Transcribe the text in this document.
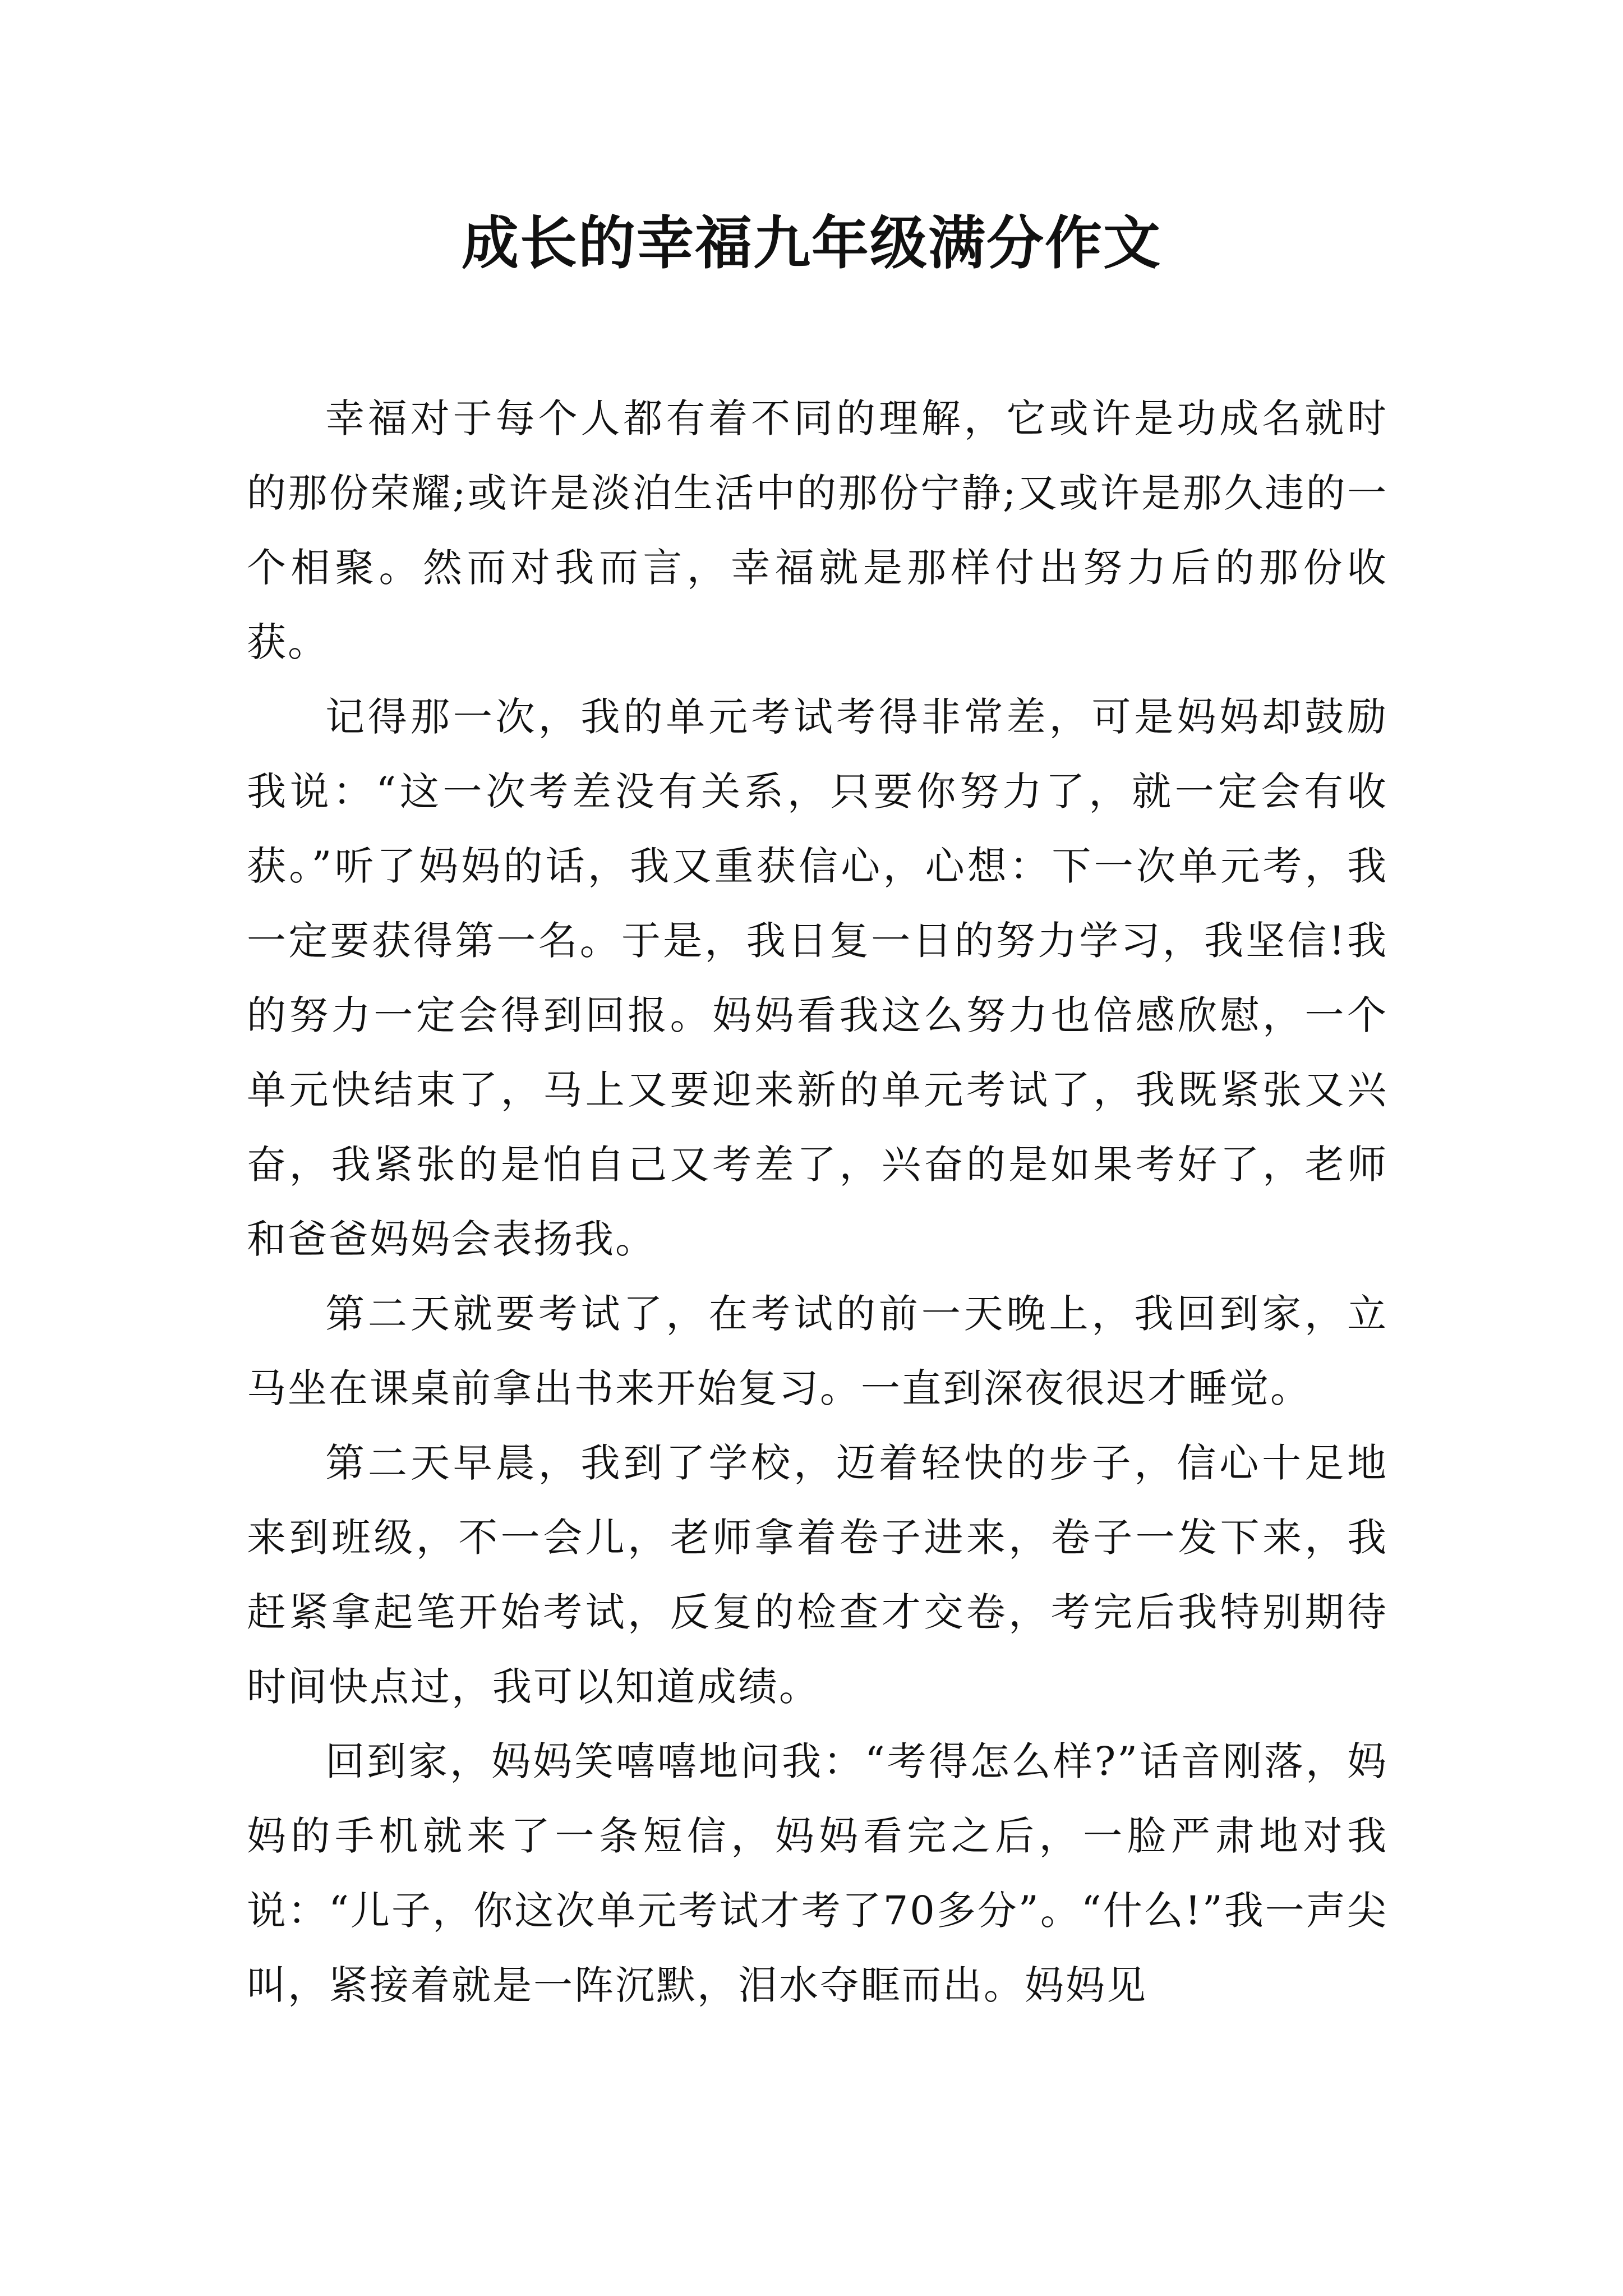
成长的幸福九年级满分作文

幸福对于每个人都有着不同的理解，它或许是功成名就时的那份荣耀;或许是淡泊生活中的那份宁静;又或许是那久违的一个相聚。然而对我而言，幸福就是那样付出努力后的那份收获。

记得那一次，我的单元考试考得非常差，可是妈妈却鼓励我说：“这一次考差没有关系，只要你努力了，就一定会有收获。”听了妈妈的话，我又重获信心，心想：下一次单元考，我一定要获得第一名。于是，我日复一日的努力学习，我坚信!我的努力一定会得到回报。妈妈看我这么努力也倍感欣慰，一个单元快结束了，马上又要迎来新的单元考试了，我既紧张又兴奋，我紧张的是怕自己又考差了，兴奋的是如果考好了，老师和爸爸妈妈会表扬我。

第二天就要考试了，在考试的前一天晚上，我回到家，立马坐在课桌前拿出书来开始复习。一直到深夜很迟才睡觉。

第二天早晨，我到了学校，迈着轻快的步子，信心十足地来到班级，不一会儿，老师拿着卷子进来，卷子一发下来，我赶紧拿起笔开始考试，反复的检查才交卷，考完后我特别期待时间快点过，我可以知道成绩。

回到家，妈妈笑嘻嘻地问我：“考得怎么样?”话音刚落，妈妈的手机就来了一条短信，妈妈看完之后，一脸严肃地对我说：“儿子，你这次单元考试才考了70多分”。“什么!”我一声尖叫，紧接着就是一阵沉默，泪水夺眶而出。妈妈见
